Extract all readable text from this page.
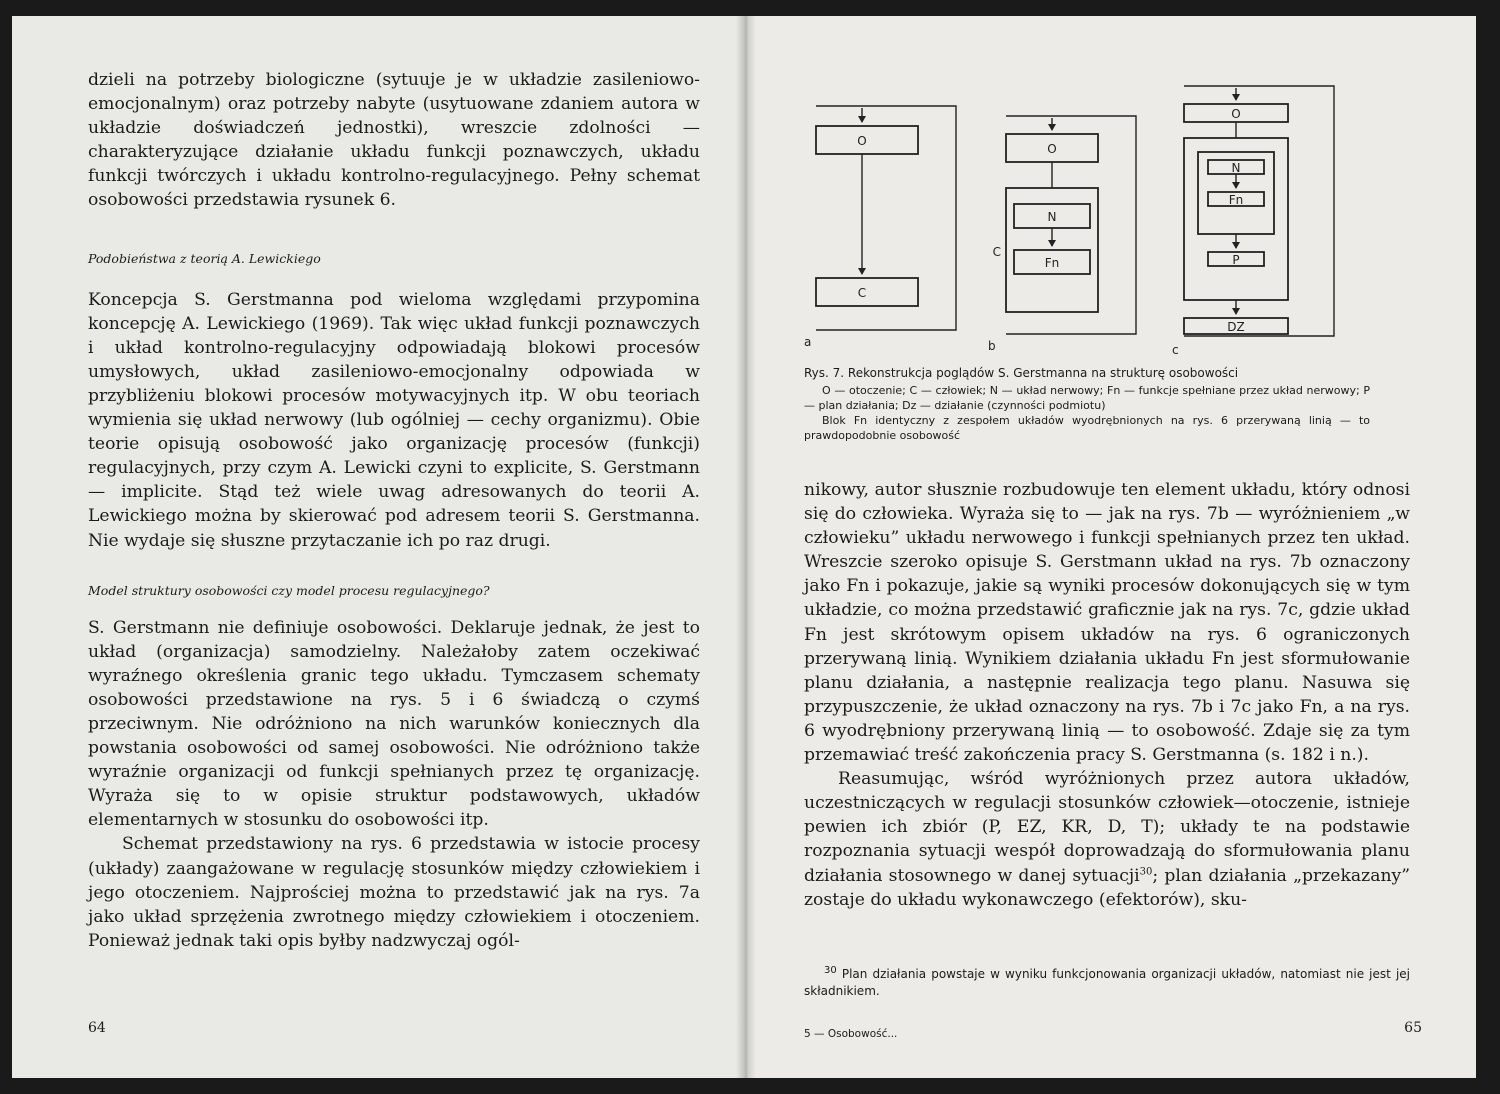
dzieli na potrzeby biologiczne (sytuuje je w układzie zasileniowo-emocjonalnym) oraz potrzeby nabyte (usytuowane zdaniem autora w układzie doświadczeń jednostki), wreszcie zdolności — charakteryzujące działanie układu funkcji poznawczych, układu funkcji twórczych i układu kontrolno-regulacyjnego. Pełny schemat osobowości przedstawia rysunek 6.

Podobieństwa z teorią A. Lewickiego

Koncepcja S. Gerstmanna pod wieloma względami przypomina koncepcję A. Lewickiego (1969). Tak więc układ funkcji poznawczych i układ kontrolno-regulacyjny odpowiadają blokowi procesów umysłowych, układ zasileniowo-emocjonalny odpowiada w przybliżeniu blokowi procesów motywacyjnych itp. W obu teoriach wymienia się układ nerwowy (lub ogólniej — cechy organizmu). Obie teorie opisują osobowość jako organizację procesów (funkcji) regulacyjnych, przy czym A. Lewicki czyni to explicite, S. Gerstmann — implicite. Stąd też wiele uwag adresowanych do teorii A. Lewickiego można by skierować pod adresem teorii S. Gerstmanna. Nie wydaje się słuszne przytaczanie ich po raz drugi.

Model struktury osobowości czy model procesu regulacyjnego?

S. Gerstmann nie definiuje osobowości. Deklaruje jednak, że jest to układ (organizacja) samodzielny. Należałoby zatem oczekiwać wyraźnego określenia granic tego układu. Tymczasem schematy osobowości przedstawione na rys. 5 i 6 świadczą o czymś przeciwnym. Nie odróżniono na nich warunków koniecznych dla powstania osobowości od samej osobowości. Nie odróżniono także wyraźnie organizacji od funkcji spełnianych przez tę organizację. Wyraża się to w opisie struktur podstawowych, układów elementarnych w stosunku do osobowości itp.

Schemat przedstawiony na rys. 6 przedstawia w istocie procesy (układy) zaangażowane w regulację stosunków między człowiekiem i jego otoczeniem. Najprościej można to przedstawić jak na rys. 7a jako układ sprzężenia zwrotnego między człowiekiem i otoczeniem. Ponieważ jednak taki opis byłby nadzwyczaj ogól-

64
O
C
a
O
C
N
Fn
b
O
N
Fn
P
DZ
c

Rys. 7. Rekonstrukcja poglądów S. Gerstmanna na strukturę osobowości

O — otoczenie; C — człowiek; N — układ nerwowy; Fn — funkcje spełniane przez układ nerwowy; P — plan działania; Dz — działanie (czynności podmiotu)

Blok Fn identyczny z zespołem układów wyodrębnionych na rys. 6 przerywaną linią — to prawdopodobnie osobowość

nikowy, autor słusznie rozbudowuje ten element układu, który odnosi się do człowieka. Wyraża się to — jak na rys. 7b — wyróżnieniem „w człowieku” układu nerwowego i funkcji spełnianych przez ten układ. Wreszcie szeroko opisuje S. Gerstmann układ na rys. 7b oznaczony jako Fn i pokazuje, jakie są wyniki procesów dokonujących się w tym układzie, co można przedstawić graficznie jak na rys. 7c, gdzie układ Fn jest skrótowym opisem układów na rys. 6 ograniczonych przerywaną linią. Wynikiem działania układu Fn jest sformułowanie planu działania, a następnie realizacja tego planu. Nasuwa się przypuszczenie, że układ oznaczony na rys. 7b i 7c jako Fn, a na rys. 6 wyodrębniony przerywaną linią — to osobowość. Zdaje się za tym przemawiać treść zakończenia pracy S. Gerstmanna (s. 182 i n.).

Reasumując, wśród wyróżnionych przez autora układów, uczestniczących w regulacji stosunków człowiek—otoczenie, istnieje pewien ich zbiór (P, EZ, KR, D, T); układy te na podstawie rozpoznania sytuacji wespół doprowadzają do sformułowania planu działania stosownego w danej sytuacji$^{30}$; plan działania „przekazany” zostaje do układu wykonawczego (efektorów), sku-

$^{30}$ Plan działania powstaje w wyniku funkcjonowania organizacji układów, natomiast nie jest jej składnikiem.

5 — Osobowość...	65
